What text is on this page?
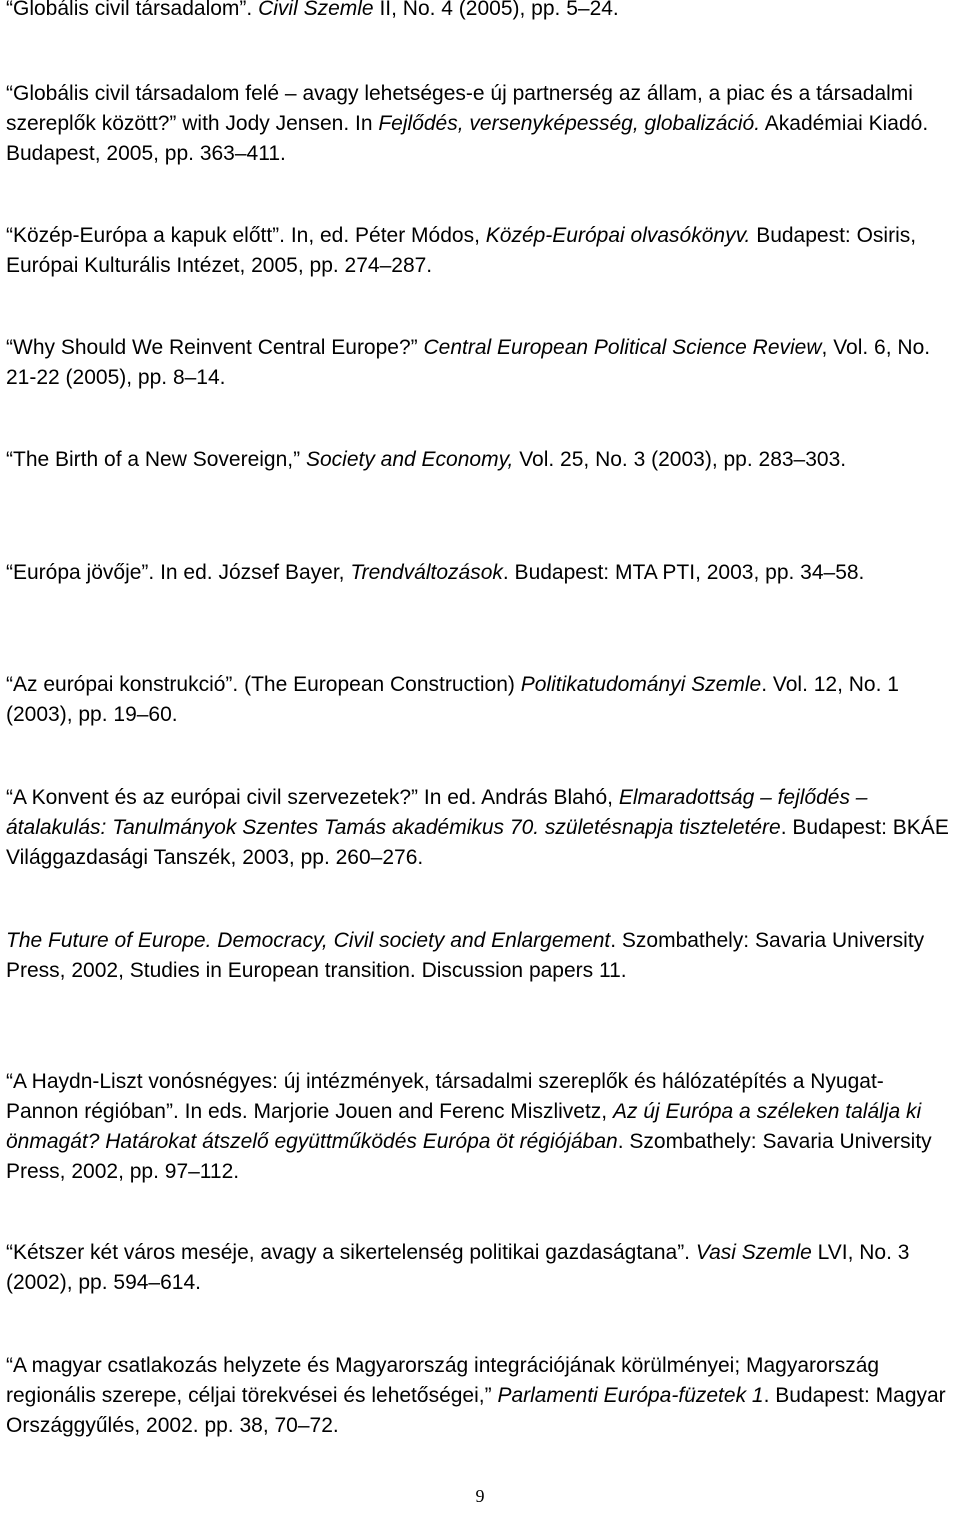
“Globális civil társadalom”. Civil Szemle II, No. 4 (2005), pp. 5–24.

“Globális civil társadalom felé – avagy lehetséges-e új partnerség az állam, a piac és a társadalmi szereplők között?” with Jody Jensen. In Fejlődés, versenyképesség, globalizáció. Akadémiai Kiadó. Budapest, 2005, pp. 363–411.

“Közép-Európa a kapuk előtt”. In, ed. Péter Módos, Közép-Európai olvasókönyv. Budapest: Osiris, Európai Kulturális Intézet, 2005, pp. 274–287.

“Why Should We Reinvent Central Europe?” Central European Political Science Review, Vol. 6, No. 21-22 (2005), pp. 8–14.

“The Birth of a New Sovereign,” Society and Economy, Vol. 25, No. 3 (2003), pp. 283–303.

“Európa jövője”. In ed. József Bayer, Trendváltozások. Budapest: MTA PTI, 2003, pp. 34–58.

“Az európai konstrukció”. (The European Construction) Politikatudományi Szemle. Vol. 12, No. 1 (2003), pp. 19–60.

“A Konvent és az európai civil szervezetek?” In ed. András Blahó, Elmaradottság – fejlődés – átalakulás: Tanulmányok Szentes Tamás akadémikus 70. születésnapja tiszteletére. Budapest: BKÁE Világgazdasági Tanszék, 2003, pp. 260–276.

The Future of Europe. Democracy, Civil society and Enlargement. Szombathely: Savaria University Press, 2002, Studies in European transition. Discussion papers 11.

“A Haydn-Liszt vonósnégyes: új intézmények, társadalmi szereplők és hálózatépítés a Nyugat-Pannon régióban”. In eds. Marjorie Jouen and Ferenc Miszlivetz, Az új Európa a széleken találja ki önmagát? Határokat átszelő együttműködés Európa öt régiójában. Szombathely: Savaria University Press, 2002, pp. 97–112.

“Kétszer két város meséje, avagy a sikertelenség politikai gazdaságtana”. Vasi Szemle LVI, No. 3 (2002), pp. 594–614.

“A magyar csatlakozás helyzete és Magyarország integrációjának körülményei; Magyarország regionális szerepe, céljai törekvései és lehetőségei,” Parlamenti Európa-füzetek 1. Budapest: Magyar Országgyűlés, 2002. pp. 38, 70–72.

9
